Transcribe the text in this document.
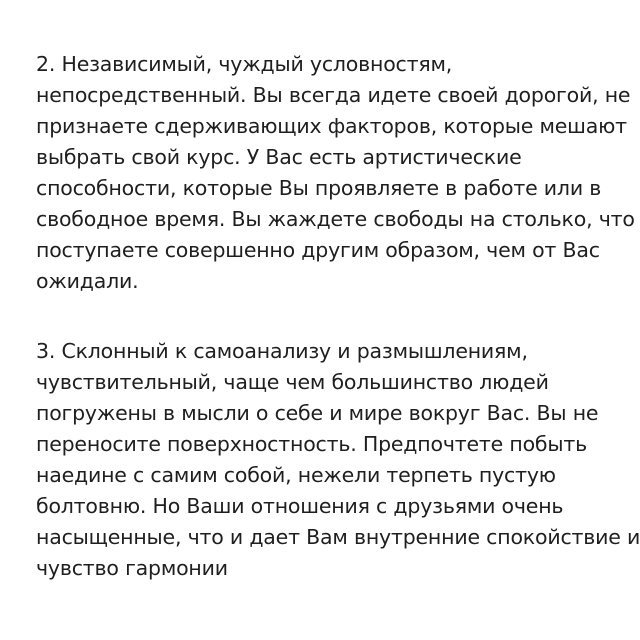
2. Независимый, чуждый условностям,
непосредственный. Вы всегда идете своей дорогой, не
признаете сдерживающих факторов, которые мешают
выбрать свой курс. У Вас есть артистические
способности, которые Вы проявляете в работе или в
свободное время. Вы жаждете свободы на столько, что
поступаете совершенно другим образом, чем от Вас
ожидали.
3. Склонный к самоанализу и размышлениям,
чувствительный, чаще чем большинство людей
погружены в мысли о себе и мире вокруг Вас. Вы не
переносите поверхностность. Предпочтете побыть
наедине с самим собой, нежели терпеть пустую
болтовню. Но Ваши отношения с друзьями очень
насыщенные, что и дает Вам внутренние спокойствие и
чувство гармонии
